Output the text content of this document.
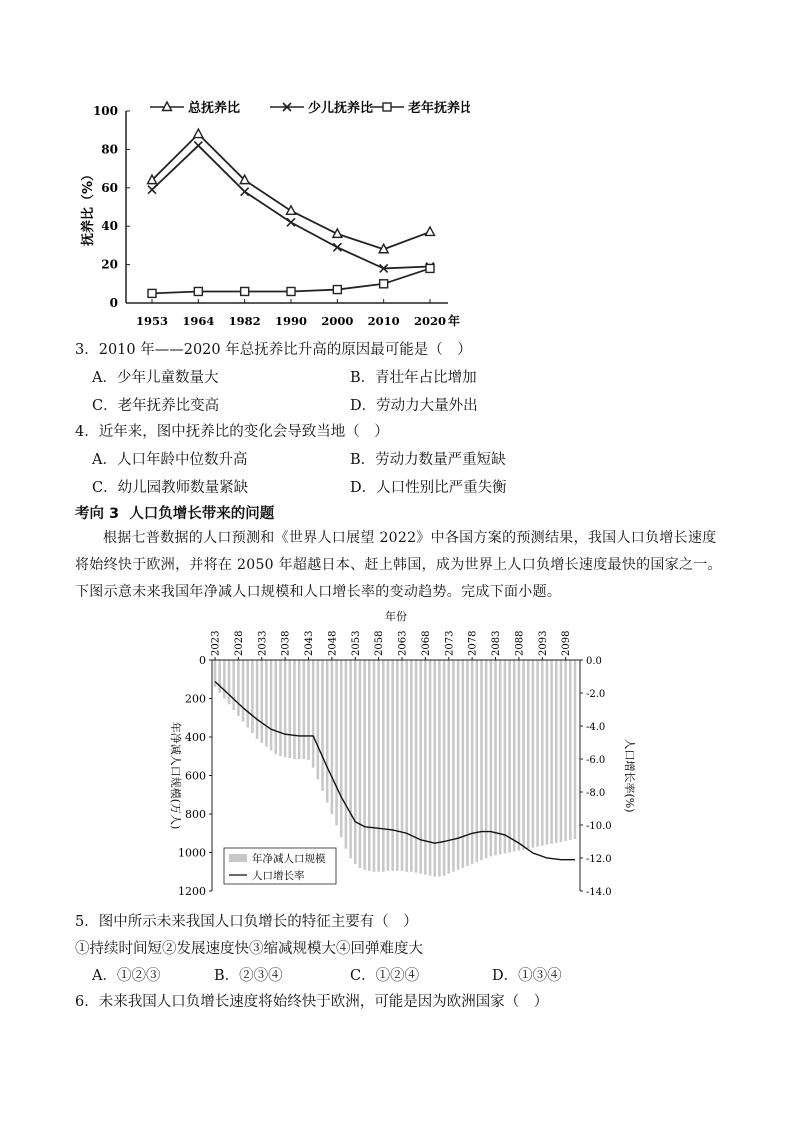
0
20
40
60
80
100
1953 1964 1982 1990 2000 2010 2020 年
抚养比（%）
总抚养比	少儿抚养比	老年抚养比
3．2010 年——2020 年总抚养比升高的原因最可能是（　）
A．少年儿童数量大	B．青壮年占比增加
C．老年抚养比变高	D．劳动力大量外出
4．近年来，图中抚养比的变化会导致当地（　）
A．人口年龄中位数升高	B．劳动力数量严重短缺
C．幼儿园教师数量紧缺	D．人口性别比严重失衡
考向 3 人口负增长带来的问题
根据七普数据的人口预测和《世界人口展望 2022》中各国方案的预测结果，我国人口负增长速度
将始终快于欧洲，并将在 2050 年超越日本、赶上韩国，成为世界上人口负增长速度最快的国家之一。
下图示意未来我国年净减人口规模和人口增长率的变动趋势。完成下面小题。
年份
2023 2028 2033 2038 2043 2048 2053 2058 2063 2068 2073 2078 2083 2088 2093 2098
0
200
400
600
800
1000
1200
0.0
-2.0
-4.0
-6.0
-8.0
-10.0
-12.0
-14.0
年净减人口规模(万人)	人口增长率(%)
年净减人口规模
人口增长率
5．图中所示未来我国人口负增长的特征主要有（　）
①持续时间短②发展速度快③缩减规模大④回弹难度大
A．①②③	B．②③④	C．①②④	D．①③④
6．未来我国人口负增长速度将始终快于欧洲，可能是因为欧洲国家（　）
